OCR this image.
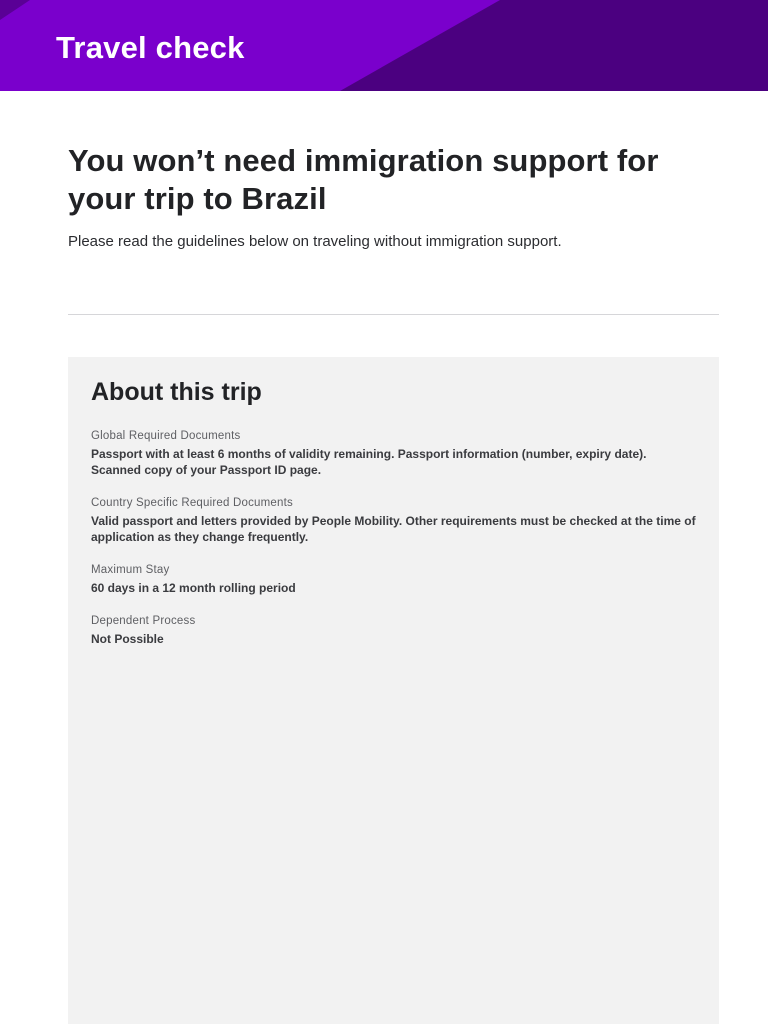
Travel check
You won’t need immigration support for your trip to Brazil

Please read the guidelines below on traveling without immigration support.

About this trip
Global Required Documents
Passport with at least 6 months of validity remaining. Passport information (number, expiry date). Scanned copy of your Passport ID page.
Country Specific Required Documents
Valid passport and letters provided by People Mobility. Other requirements must be checked at the time of application as they change frequently.
Maximum Stay
60 days in a 12 month rolling period
Dependent Process
Not Possible
